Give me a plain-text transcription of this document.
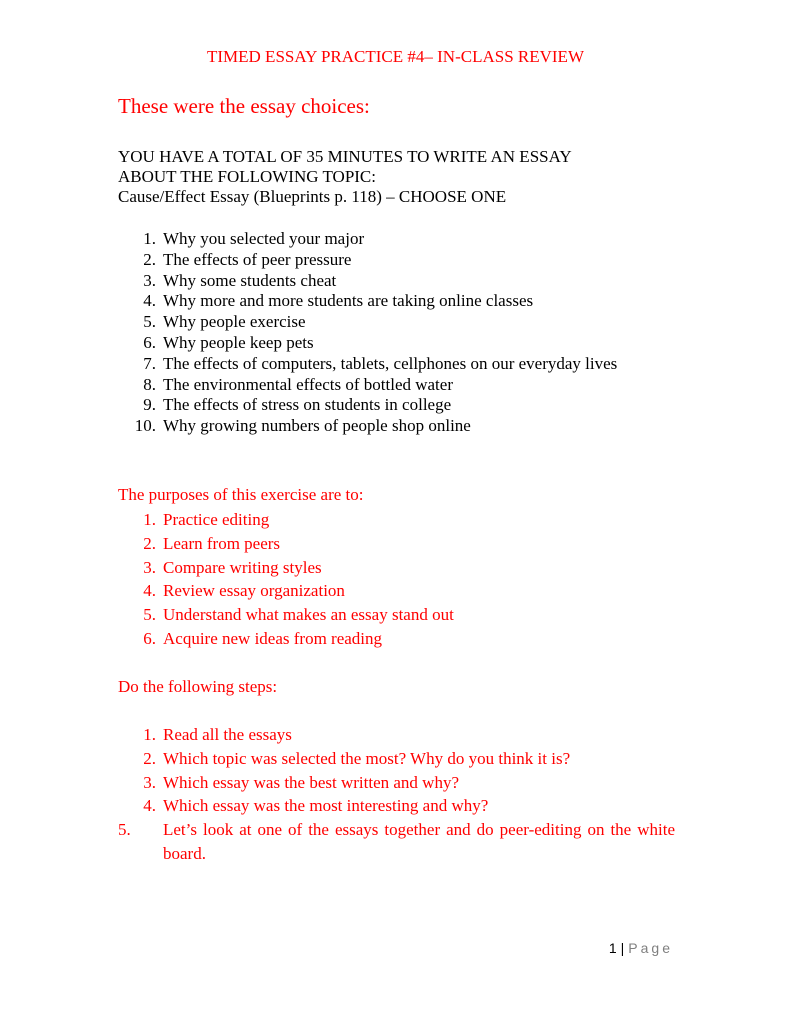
TIMED ESSAY PRACTICE #4– IN-CLASS REVIEW
These were the essay choices:
YOU HAVE A TOTAL OF 35 MINUTES TO WRITE AN ESSAY
ABOUT THE FOLLOWING TOPIC:
Cause/Effect Essay (Blueprints p. 118) – CHOOSE ONE
1. Why you selected your major
2. The effects of peer pressure
3. Why some students cheat
4. Why more and more students are taking online classes
5. Why people exercise
6. Why people keep pets
7. The effects of computers, tablets, cellphones on our everyday lives
8. The environmental effects of bottled water
9. The effects of stress on students in college
10. Why growing numbers of people shop online
The purposes of this exercise are to:
1. Practice editing
2. Learn from peers
3. Compare writing styles
4. Review essay organization
5. Understand what makes an essay stand out
6. Acquire new ideas from reading
Do the following steps:
1. Read all the essays
2. Which topic was selected the most? Why do you think it is?
3. Which essay was the best written and why?
4. Which essay was the most interesting and why?
5.	Let’s look at one of the essays together and do peer-editing on the white board.
1 | Page
